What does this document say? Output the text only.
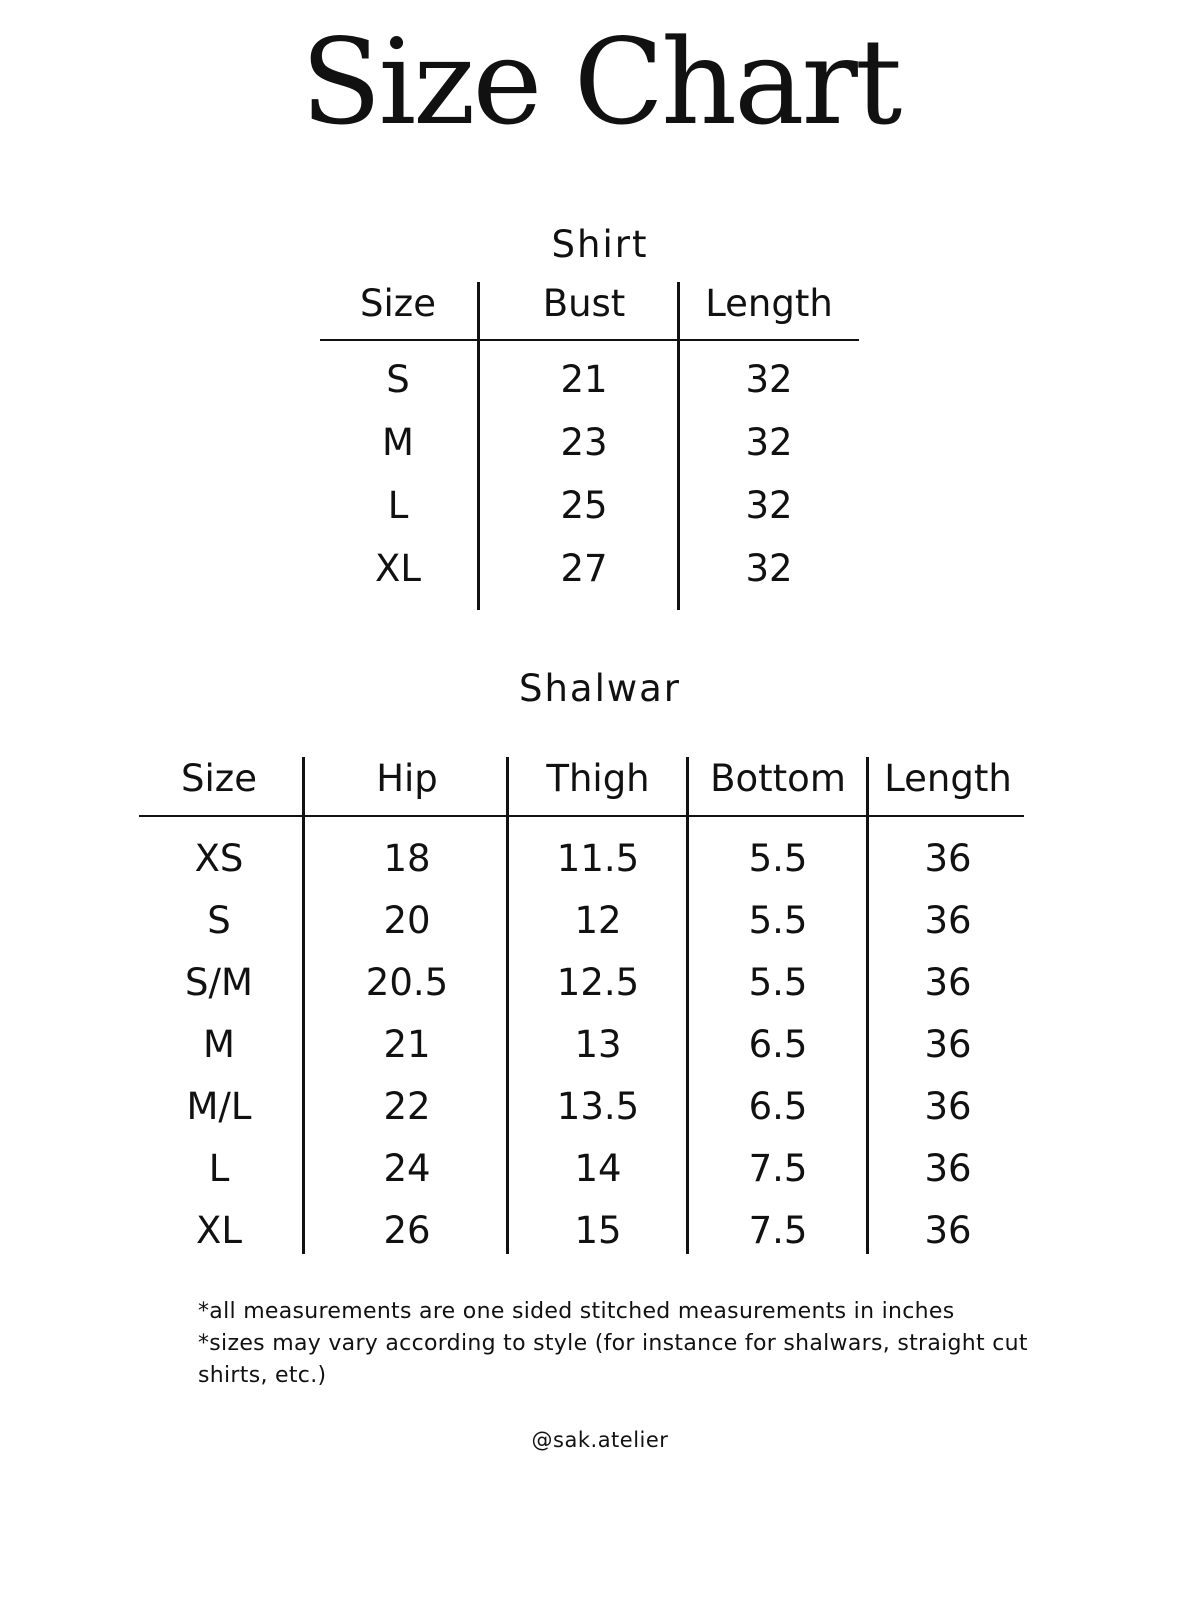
Size Chart
Shirt
Size	Bust	Length
S	21	32
M	23	32
L	25	32
XL	27	32
Shalwar
Size	Hip	Thigh	Bottom	Length
XS	18	11.5	5.5	36
S	20	12	5.5	36
S/M	20.5	12.5	5.5	36
M	21	13	6.5	36
M/L	22	13.5	6.5	36
L	24	14	7.5	36
XL	26	15	7.5	36
*all measurements are one sided stitched measurements in inches
*sizes may vary according to style (for instance for shalwars, straight cut shirts, etc.)
@sak.atelier
